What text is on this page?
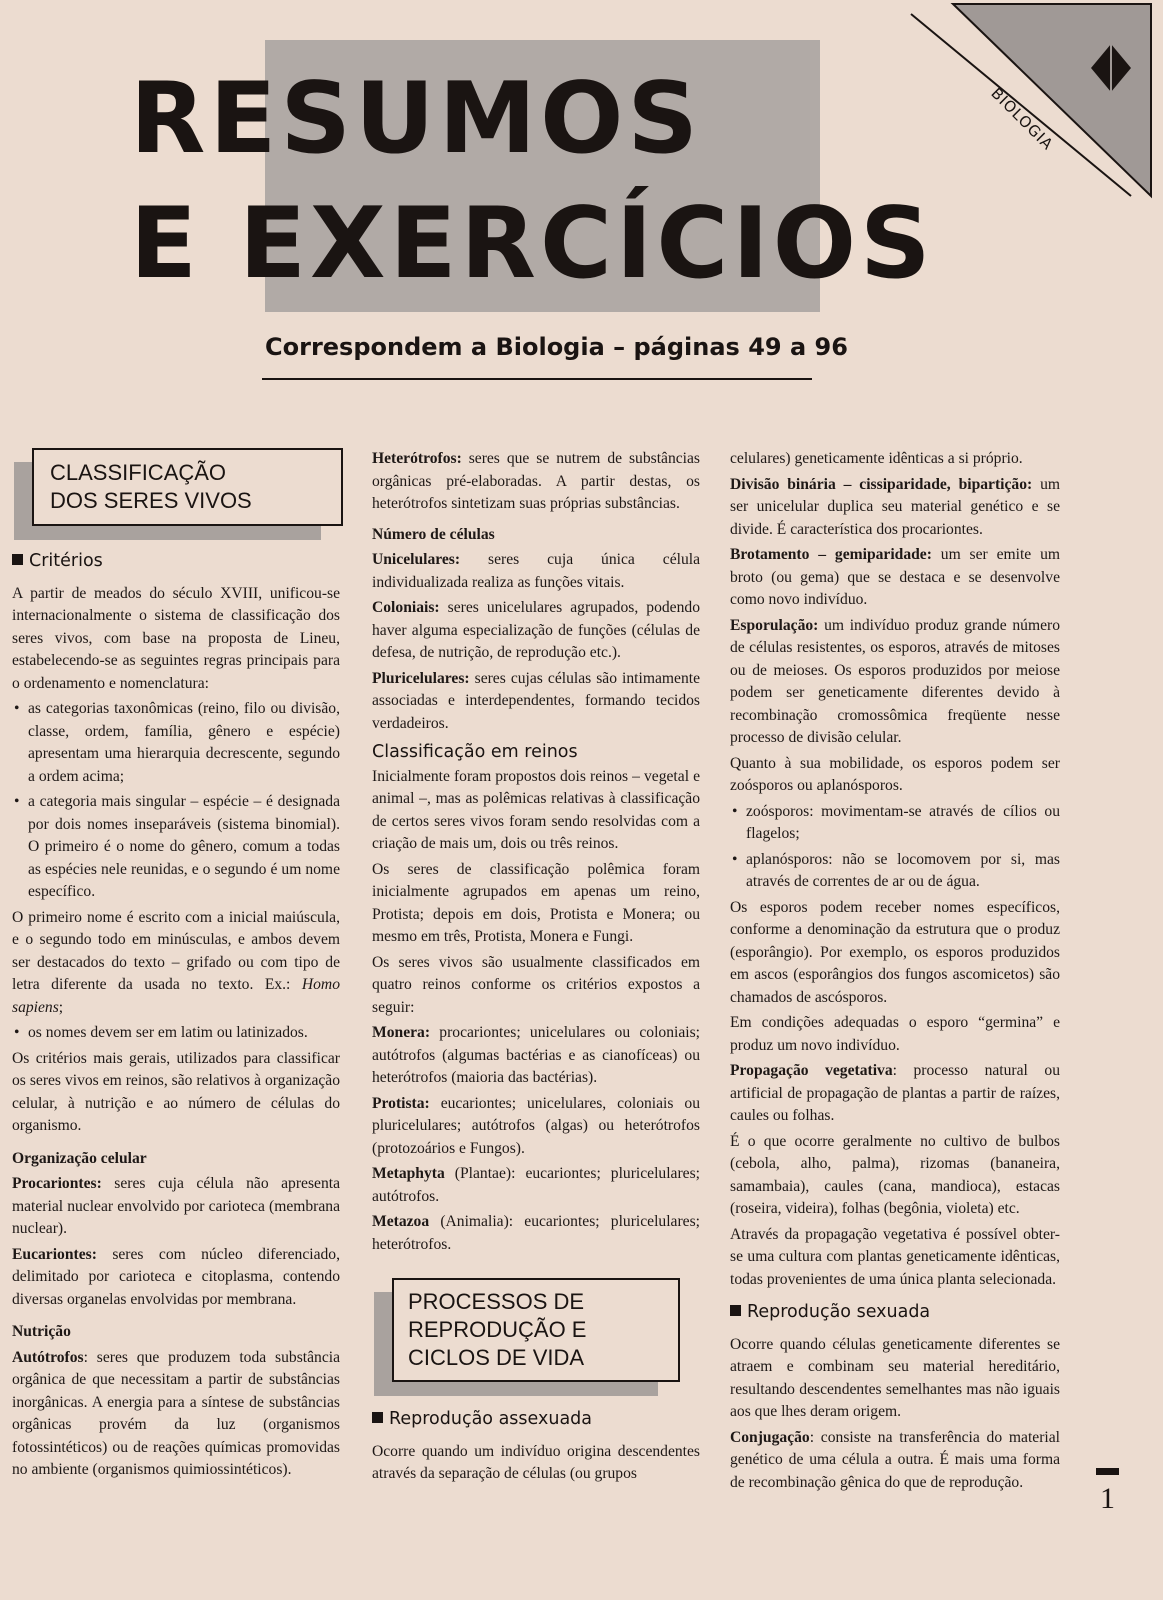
RESUMOS
E EXERCÍCIOS
Correspondem a Biologia – páginas 49 a 96
BIOLOGIA
CLASSIFICAÇÃO
DOS SERES VIVOS
Critérios

A partir de meados do século XVIII, unificou-se internacionalmente o sistema de classificação dos seres vivos, com base na proposta de Lineu, estabelecendo-se as seguintes regras principais para o ordenamento e nomenclatura:

• as categorias taxonômicas (reino, filo ou divisão, classe, ordem, família, gênero e espécie) apresentam uma hierarquia decrescente, segundo a ordem acima;

• a categoria mais singular – espécie – é designada por dois nomes inseparáveis (sistema binomial). O primeiro é o nome do gênero, comum a todas as espécies nele reunidas, e o segundo é um nome específico.

O primeiro nome é escrito com a inicial maiúscula, e o segundo todo em minúsculas, e ambos devem ser destacados do texto – grifado ou com tipo de letra diferente da usada no texto. Ex.: Homo sapiens;

• os nomes devem ser em latim ou latinizados.

Os critérios mais gerais, utilizados para classificar os seres vivos em reinos, são relativos à organização celular, à nutrição e ao número de células do organismo.

Organização celular

Procariontes: seres cuja célula não apresenta material nuclear envolvido por carioteca (membrana nuclear).

Eucariontes: seres com núcleo diferenciado, delimitado por carioteca e citoplasma, contendo diversas organelas envolvidas por membrana.

Nutrição

Autótrofos: seres que produzem toda substância orgânica de que necessitam a partir de substâncias inorgânicas. A energia para a síntese de substâncias orgânicas provém da luz (organismos fotossintéticos) ou de reações químicas promovidas no ambiente (organismos quimiossintéticos).

Heterótrofos: seres que se nutrem de substâncias orgânicas pré-elaboradas. A partir destas, os heterótrofos sintetizam suas próprias substâncias.

Número de células

Unicelulares: seres cuja única célula individualizada realiza as funções vitais.

Coloniais: seres unicelulares agrupados, podendo haver alguma especialização de funções (células de defesa, de nutrição, de reprodução etc.).

Pluricelulares: seres cujas células são intimamente associadas e interdependentes, formando tecidos verdadeiros.

Classificação em reinos

Inicialmente foram propostos dois reinos – vegetal e animal –, mas as polêmicas relativas à classificação de certos seres vivos foram sendo resolvidas com a criação de mais um, dois ou três reinos.

Os seres de classificação polêmica foram inicialmente agrupados em apenas um reino, Protista; depois em dois, Protista e Monera; ou mesmo em três, Protista, Monera e Fungi.

Os seres vivos são usualmente classificados em quatro reinos conforme os critérios expostos a seguir:

Monera: procariontes; unicelulares ou coloniais; autótrofos (algumas bactérias e as cianofíceas) ou heterótrofos (maioria das bactérias).

Protista: eucariontes; unicelulares, coloniais ou pluricelulares; autótrofos (algas) ou heterótrofos (protozoários e Fungos).

Metaphyta (Plantae): eucariontes; pluricelulares; autótrofos.

Metazoa (Animalia): eucariontes; pluricelulares; heterótrofos.

PROCESSOS DE
REPRODUÇÃO E
CICLOS DE VIDA
Reprodução assexuada

Ocorre quando um indivíduo origina descendentes através da separação de células (ou grupos

celulares) geneticamente idênticas a si próprio.

Divisão binária – cissiparidade, bipartição: um ser unicelular duplica seu material genético e se divide. É característica dos procariontes.

Brotamento – gemiparidade: um ser emite um broto (ou gema) que se destaca e se desenvolve como novo indivíduo.

Esporulação: um indivíduo produz grande número de células resistentes, os esporos, através de mitoses ou de meioses. Os esporos produzidos por meiose podem ser geneticamente diferentes devido à recombinação cromossômica freqüente nesse processo de divisão celular.

Quanto à sua mobilidade, os esporos podem ser zoósporos ou aplanósporos.

• zoósporos: movimentam-se através de cílios ou flagelos;

• aplanósporos: não se locomovem por si, mas através de correntes de ar ou de água.

Os esporos podem receber nomes específicos, conforme a denominação da estrutura que o produz (esporângio). Por exemplo, os esporos produzidos em ascos (esporângios dos fungos ascomicetos) são chamados de ascósporos.

Em condições adequadas o esporo “germina” e produz um novo indivíduo.

Propagação vegetativa: processo natural ou artificial de propagação de plantas a partir de raízes, caules ou folhas.

É o que ocorre geralmente no cultivo de bulbos (cebola, alho, palma), rizomas (bananeira, samambaia), caules (cana, mandioca), estacas (roseira, videira), folhas (begônia, violeta) etc.

Através da propagação vegetativa é possível obter-se uma cultura com plantas geneticamente idênticas, todas provenientes de uma única planta selecionada.

Reprodução sexuada

Ocorre quando células geneticamente diferentes se atraem e combinam seu material hereditário, resultando descendentes semelhantes mas não iguais aos que lhes deram origem.

Conjugação: consiste na transferência do material genético de uma célula a outra. É mais uma forma de recombinação gênica do que de reprodução.	1
